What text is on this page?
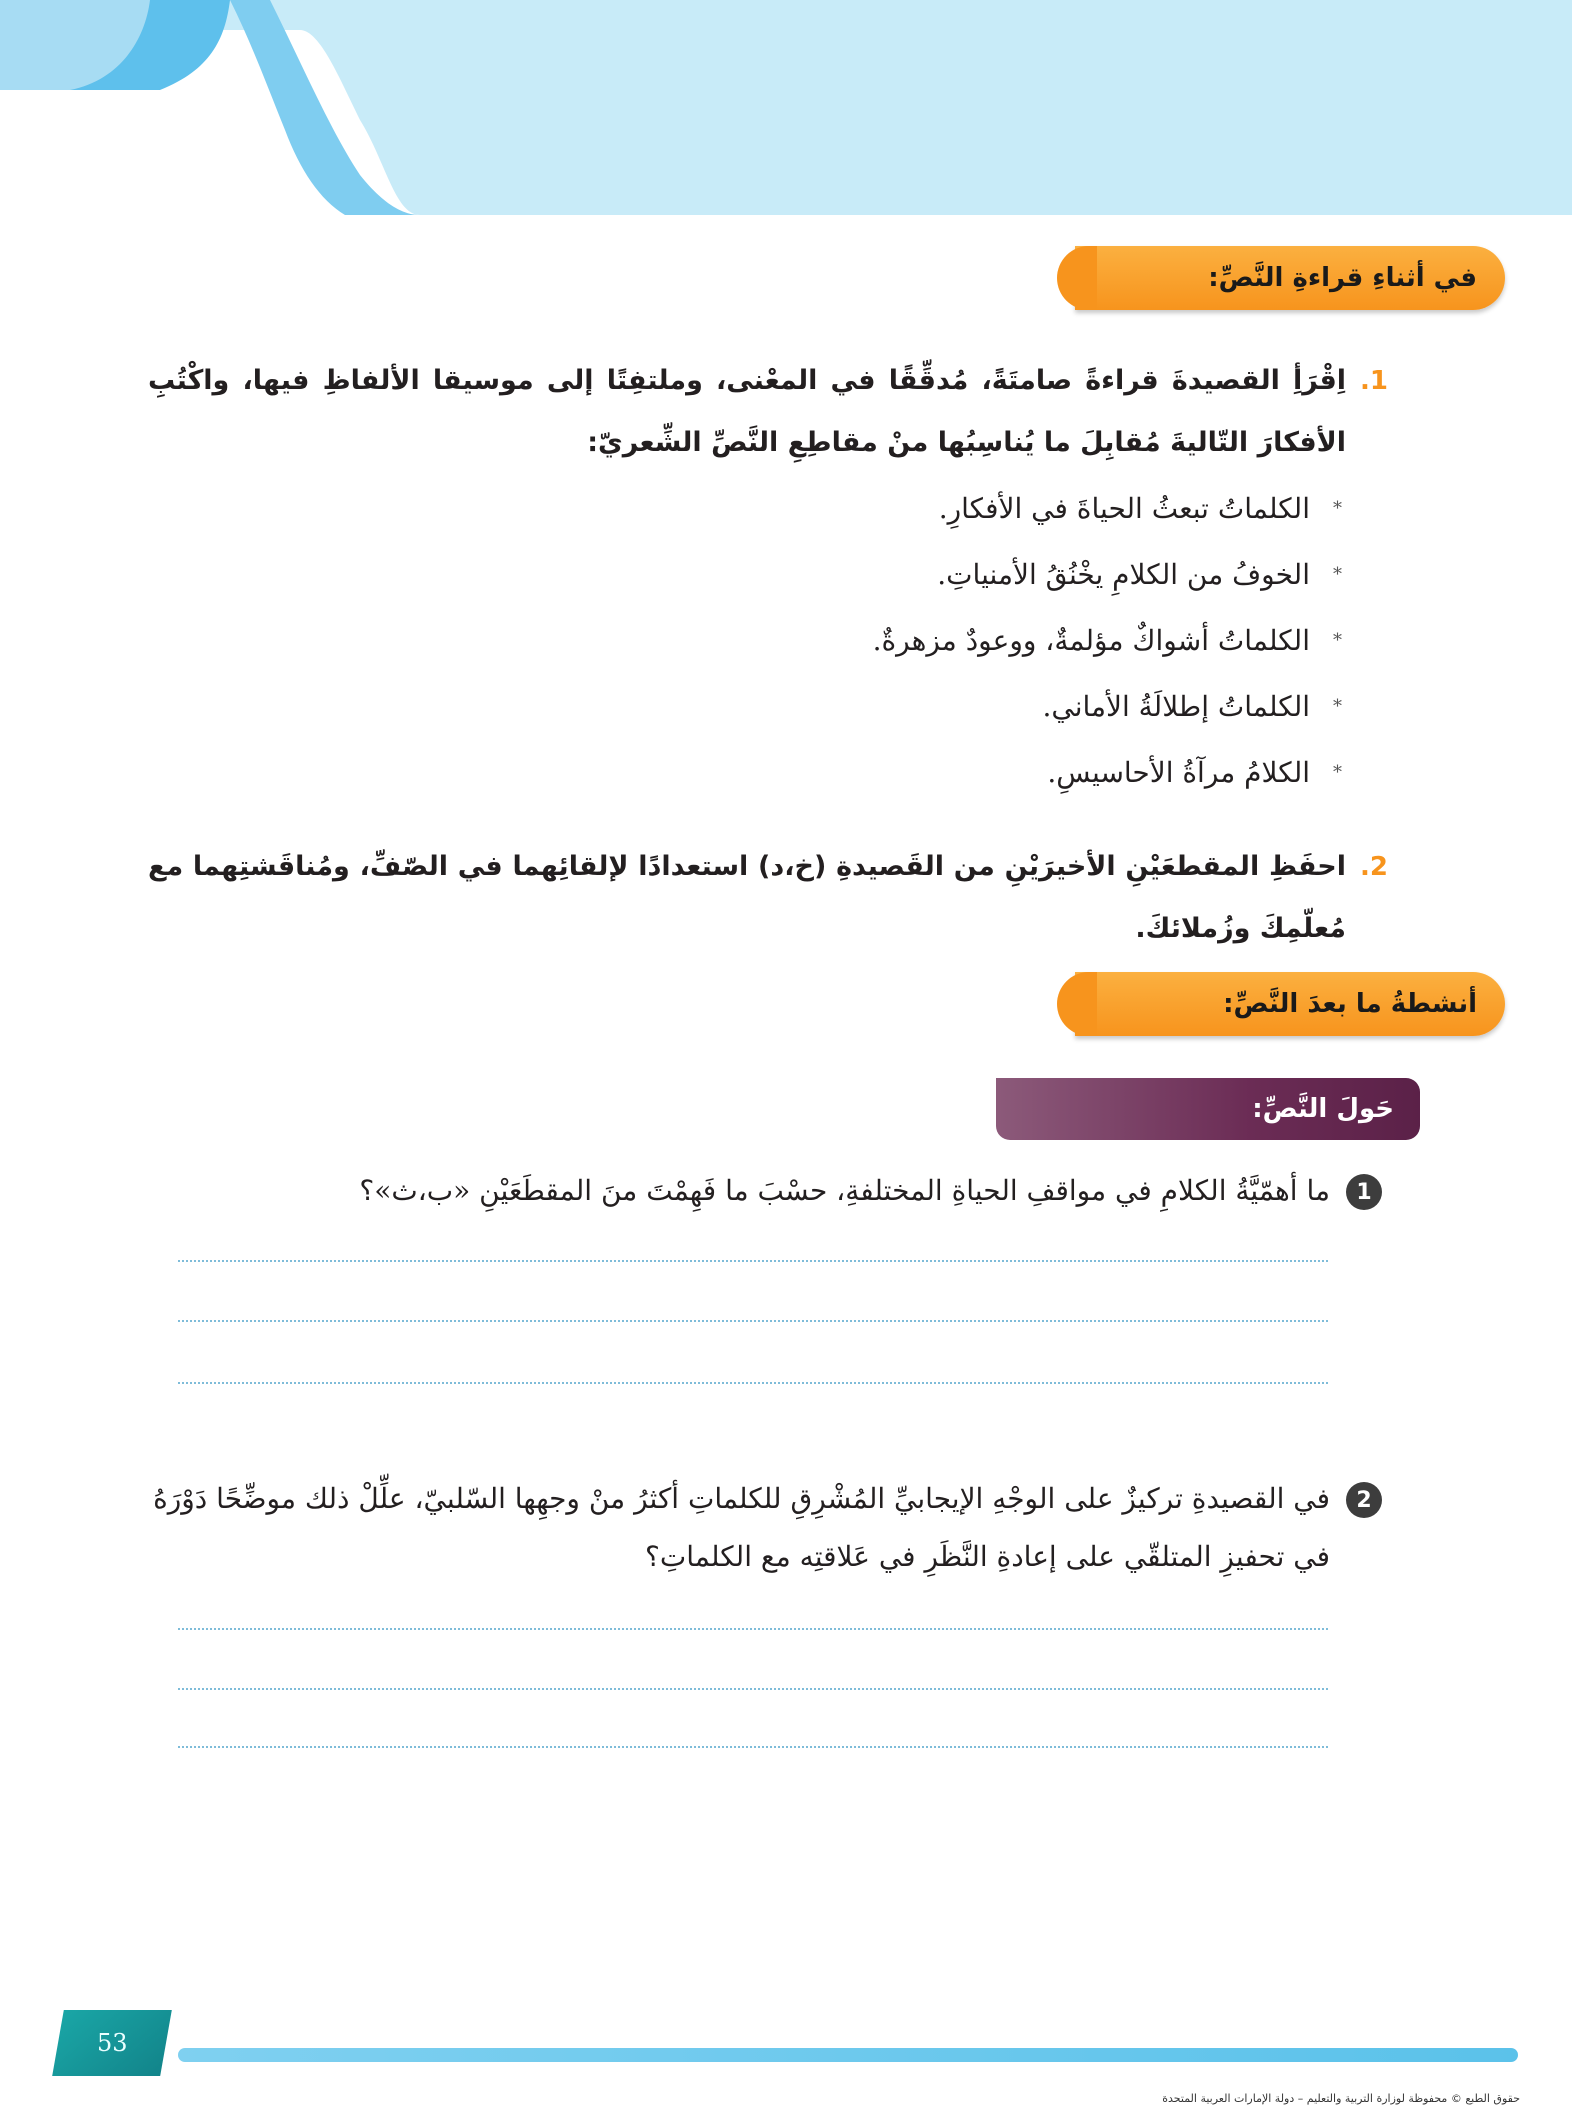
في أثناءِ قراءةِ النَّصِّ:
1.
اِقْرَأِ القصيدةَ قراءةً صامتَةً، مُدقِّقًا في المعْنى، وملتفِتًا إلى موسيقا الألفاظِ فيها، واكْتُبِ الأفكارَ التّاليةَ مُقابِلَ ما يُناسِبُها منْ مقاطِعِ النَّصِّ الشِّعريّ:
*
الكلماتُ تبعثُ الحياةَ في الأفكارِ.
*
الخوفُ من الكلامِ يخْنُقُ الأمنياتِ.
*
الكلماتُ أشواكٌ مؤلمةٌ، ووعودٌ مزهرةٌ.
*
الكلماتُ إطلالَةُ الأماني.
*
الكلامُ مرآةُ الأحاسيسِ.
2.
احفَظِ المقطعَيْنِ الأخيرَيْنِ من القَصيدةِ (خ،د) استعدادًا لإلقائِهما في الصّفِّ، ومُناقَشتِهما مع مُعلّمِكَ وزُملائكَ.
أنشطةُ ما بعدَ النَّصِّ:
حَولَ النَّصِّ:
1
ما أهمّيَّةُ الكلامِ في مواقفِ الحياةِ المختلفةِ، حسْبَ ما فَهِمْتَ منَ المقطَعَيْنِ «ب،ث»؟
2
في القصيدةِ تركيزٌ على الوجْهِ الإيجابيِّ المُشْرِقِ للكلماتِ أكثرُ منْ وجهِها السّلبيّ، علِّلْ ذلك موضِّحًا دَوْرَهُ في تحفيزِ المتلقّي على إعادةِ النَّظَرِ في عَلاقتِه مع الكلماتِ؟
53
حقوق الطبع © محفوظة لوزارة التربية والتعليم – دولة الإمارات العربية المتحدة
